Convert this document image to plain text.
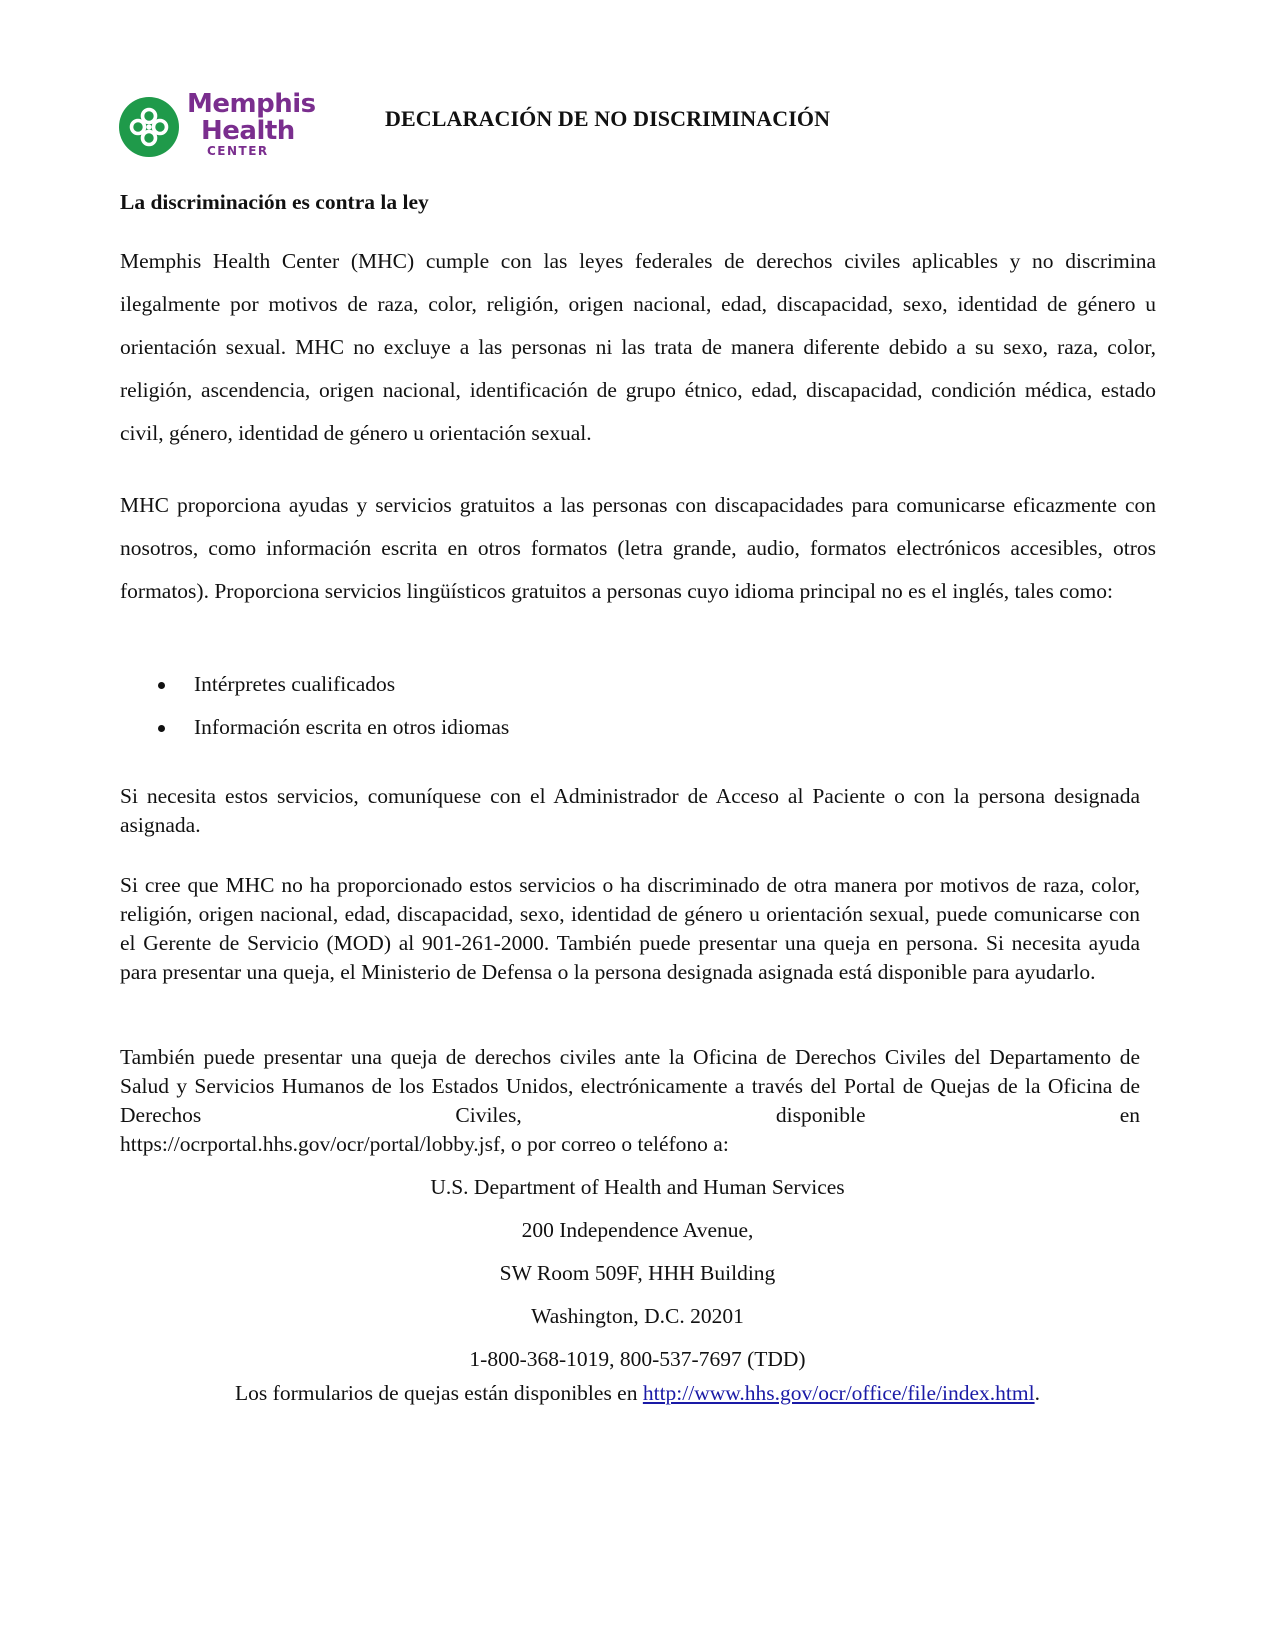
Memphis
Health
CENTER
DECLARACIÓN DE NO DISCRIMINACIÓN
La discriminación es contra la ley

Memphis Health Center (MHC) cumple con las leyes federales de derechos civiles aplicables y no discrimina ilegalmente por motivos de raza, color, religión, origen nacional, edad, discapacidad, sexo, identidad de género u orientación sexual. MHC no excluye a las personas ni las trata de manera diferente debido a su sexo, raza, color, religión, ascendencia, origen nacional, identificación de grupo étnico, edad, discapacidad, condición médica, estado civil, género, identidad de género u orientación sexual.

MHC proporciona ayudas y servicios gratuitos a las personas con discapacidades para comunicarse eficazmente con nosotros, como información escrita en otros formatos (letra grande, audio, formatos electrónicos accesibles, otros formatos). Proporciona servicios lingüísticos gratuitos a personas cuyo idioma principal no es el inglés, tales como:

Intérpretes cualificados
Información escrita en otros idiomas

Si necesita estos servicios, comuníquese con el Administrador de Acceso al Paciente o con la persona designada asignada.

Si cree que MHC no ha proporcionado estos servicios o ha discriminado de otra manera por motivos de raza, color, religión, origen nacional, edad, discapacidad, sexo, identidad de género u orientación sexual, puede comunicarse con el Gerente de Servicio (MOD) al 901-261-2000. También puede presentar una queja en persona. Si necesita ayuda para presentar una queja, el Ministerio de Defensa o la persona designada asignada está disponible para ayudarlo.

También puede presentar una queja de derechos civiles ante la Oficina de Derechos Civiles del Departamento de Salud y Servicios Humanos de los Estados Unidos, electrónicamente a través del Portal de Quejas de la Oficina de Derechos Civiles, disponible en

https://ocrportal.hhs.gov/ocr/portal/lobby.jsf, o por correo o teléfono a:

U.S. Department of Health and Human Services
200 Independence Avenue,
SW Room 509F, HHH Building
Washington, D.C. 20201
1-800-368-1019, 800-537-7697 (TDD)

Los formularios de quejas están disponibles en http://www.hhs.gov/ocr/office/file/index.html.
